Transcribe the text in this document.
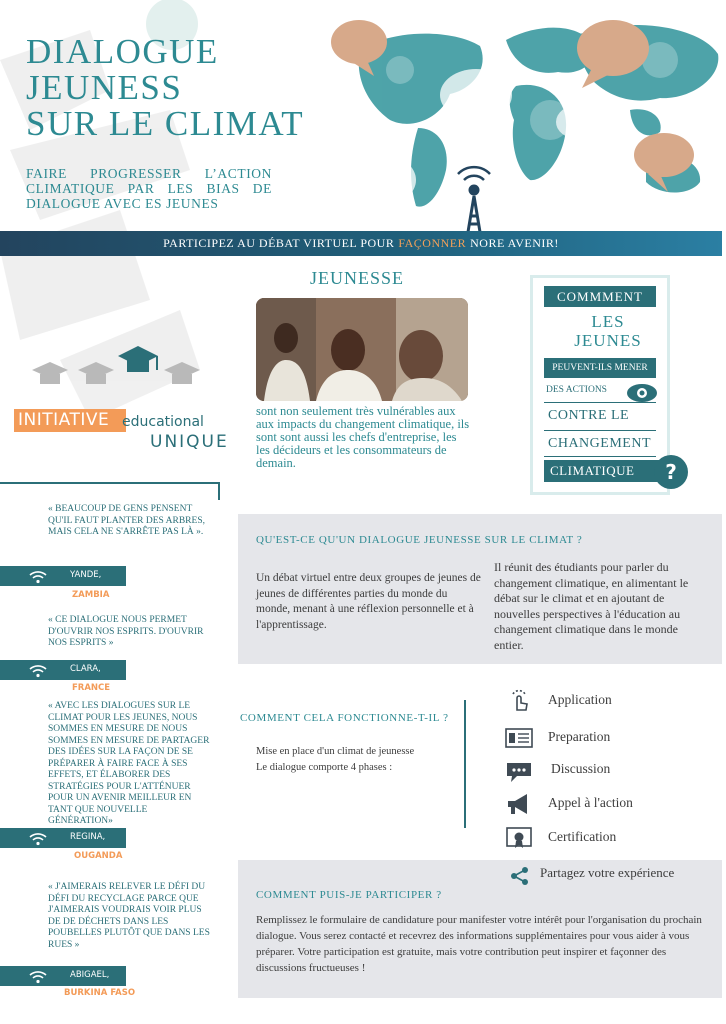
DIALOGUE
JEUNESS
SUR LE CLIMAT
FAIRE PROGRESSER L’ACTION CLIMATIQUE PAR LES BIAS DE DIALOGUE AVEC ES JEUNES
PARTICIPEZ AU DÉBAT VIRTUEL POUR FAÇONNER NORE AVENIR!
JEUNESSE
sont non seulement très vulnérables aux aux impacts du changement climatique, ils sont sont aussi les chefs d'entreprise, les les décideurs et les consommateurs de demain.
COMMMENT
LES
JEUNES
PEUVENT-ILS MENER
DES ACTIONS
CONTRE LE
CHANGEMENT
CLIMATIQUE	?
INITIATIVE educational
UNIQUE
« BEAUCOUP DE GENS PENSENT QU'IL FAUT PLANTER DES ARBRES, MAIS CELA NE S'ARRÊTE PAS LÀ ».
YANDE,
ZAMBIA
« CE DIALOGUE NOUS PERMET D'OUVRIR NOS ESPRITS. D'OUVRIR NOS ESPRITS »
CLARA,
FRANCE
« AVEC LES DIALOGUES SUR LE CLIMAT POUR LES JEUNES, NOUS SOMMES EN MESURE DE NOUS SOMMES EN MESURE DE PARTAGER DES IDÉES SUR LA FAÇON DE SE PRÉPARER À FAIRE FACE À SES EFFETS, ET ÉLABORER DES STRATÉGIES POUR L'ATTÉNUER POUR UN AVENIR MEILLEUR EN TANT QUE NOUVELLE GÉNÉRATION»
REGINA,
OUGANDA
« J'AIMERAIS RELEVER LE DÉFI DU DÉFI DU RECYCLAGE PARCE QUE J'AIMERAIS VOUDRAIS VOIR PLUS DE DE DÉCHETS DANS LES POUBELLES PLUTÔT QUE DANS LES RUES »
ABIGAEL,
BURKINA FASO
QU'EST-CE QU'UN DIALOGUE JEUNESSE SUR LE CLIMAT ?
Un débat virtuel entre deux groupes de jeunes de jeunes de différentes parties du monde du monde, menant à une réflexion personnelle et à l'apprentissage.
Il réunit des étudiants pour parler du changement climatique, en alimentant le débat sur le climat et en ajoutant de nouvelles perspectives à l'éducation au changement climatique dans le monde entier.
COMMENT CELA FONCTIONNE-T-IL ?
Mise en place d'un climat de jeunesse
Le dialogue comporte 4 phases :
Application
Preparation
Discussion
Appel à l'action
Certification
Partagez votre expérience
COMMENT PUIS-JE PARTICIPER ?
Remplissez le formulaire de candidature pour manifester votre intérêt pour l'organisation du prochain dialogue. Vous serez contacté et recevrez des informations supplémentaires pour vous aider à vous préparer. Votre participation est gratuite, mais votre contribution peut inspirer et façonner des discussions fructueuses !
